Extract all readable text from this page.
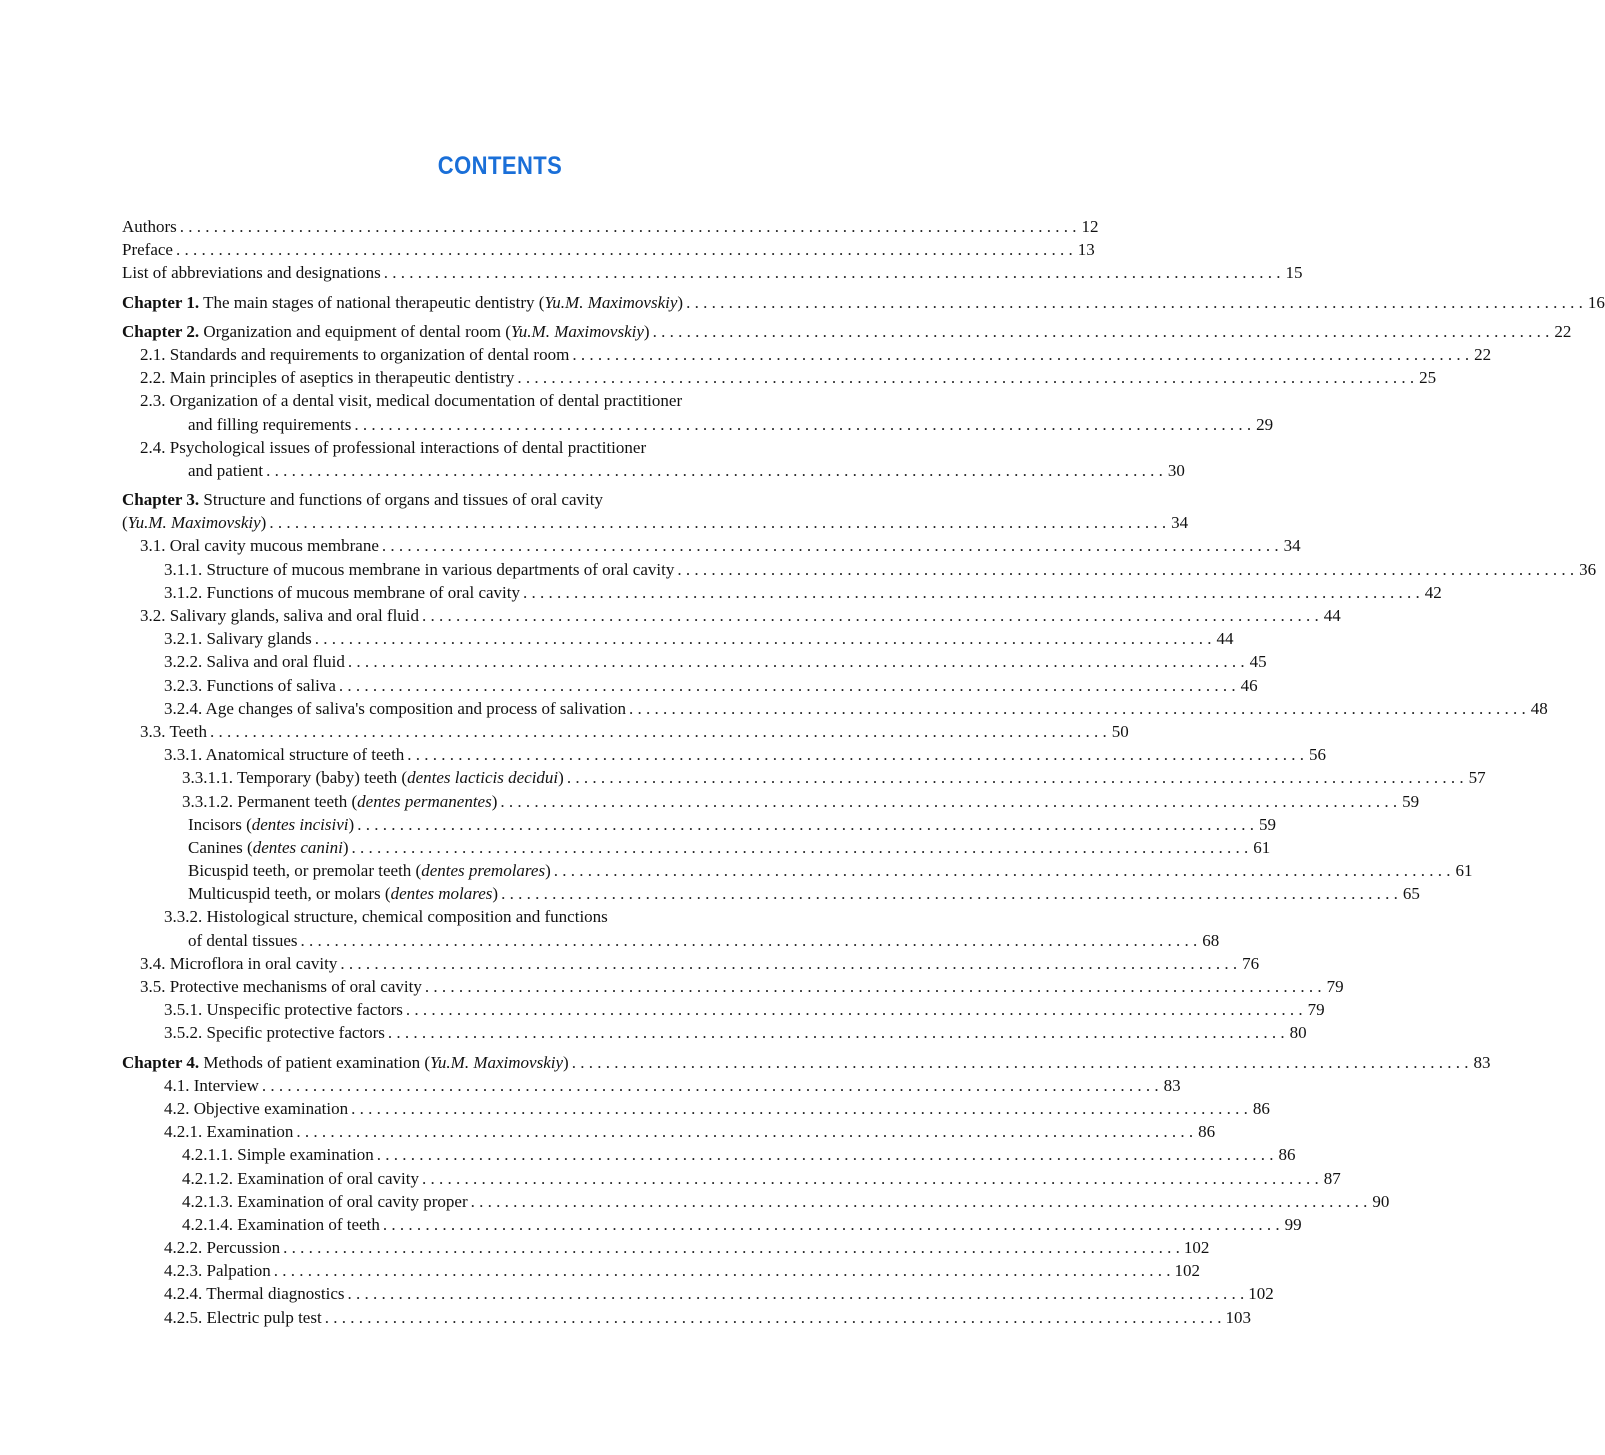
CONTENTS
Authors . . .	12
Preface . . .	13
List of abbreviations and designations . . .	15
Chapter 1. The main stages of national therapeutic dentistry (Yu.M. Maximovskiy) . . .	16
Chapter 2. Organization and equipment of dental room (Yu.M. Maximovskiy) . . .	22
2.1. Standards and requirements to organization of dental room . . .	22
2.2. Main principles of aseptics in therapeutic dentistry . . .	25
2.3. Organization of a dental visit, medical documentation of dental practitioner
and filling requirements . . .	29
2.4. Psychological issues of professional interactions of dental practitioner
and patient . . .	30
Chapter 3. Structure and functions of organs and tissues of oral cavity
(Yu.M. Maximovskiy) . . .	34
3.1. Oral cavity mucous membrane . . .	34
3.1.1. Structure of mucous membrane in various departments of oral cavity . . .	36
3.1.2. Functions of mucous membrane of oral cavity . . .	42
3.2. Salivary glands, saliva and oral fluid . . .	44
3.2.1. Salivary glands . . .	44
3.2.2. Saliva and oral fluid . . .	45
3.2.3. Functions of saliva . . .	46
3.2.4. Age changes of saliva's composition and process of salivation . . .	48
3.3. Teeth . . .	50
3.3.1. Anatomical structure of teeth . . .	56
3.3.1.1. Temporary (baby) teeth (dentes lacticis decidui) . . .	57
3.3.1.2. Permanent teeth (dentes permanentes) . . .	59
Incisors (dentes incisivi) . . .	59
Canines (dentes canini) . . .	61
Bicuspid teeth, or premolar teeth (dentes premolares) . . .	61
Multicuspid teeth, or molars (dentes molares) . . .	65
3.3.2. Histological structure, chemical composition and functions
of dental tissues . . .	68
3.4. Microflora in oral cavity . . .	76
3.5. Protective mechanisms of oral cavity . . .	79
3.5.1. Unspecific protective factors . . .	79
3.5.2. Specific protective factors . . .	80
Chapter 4. Methods of patient examination (Yu.M. Maximovskiy) . . .	83
4.1. Interview . . .	83
4.2. Objective examination . . .	86
4.2.1. Examination . . .	86
4.2.1.1. Simple examination . . .	86
4.2.1.2. Examination of oral cavity . . .	87
4.2.1.3. Examination of oral cavity proper . . .	90
4.2.1.4. Examination of teeth . . .	99
4.2.2. Percussion . . .	102
4.2.3. Palpation . . .	102
4.2.4. Thermal diagnostics . . .	102
4.2.5. Electric pulp test . . .	103
